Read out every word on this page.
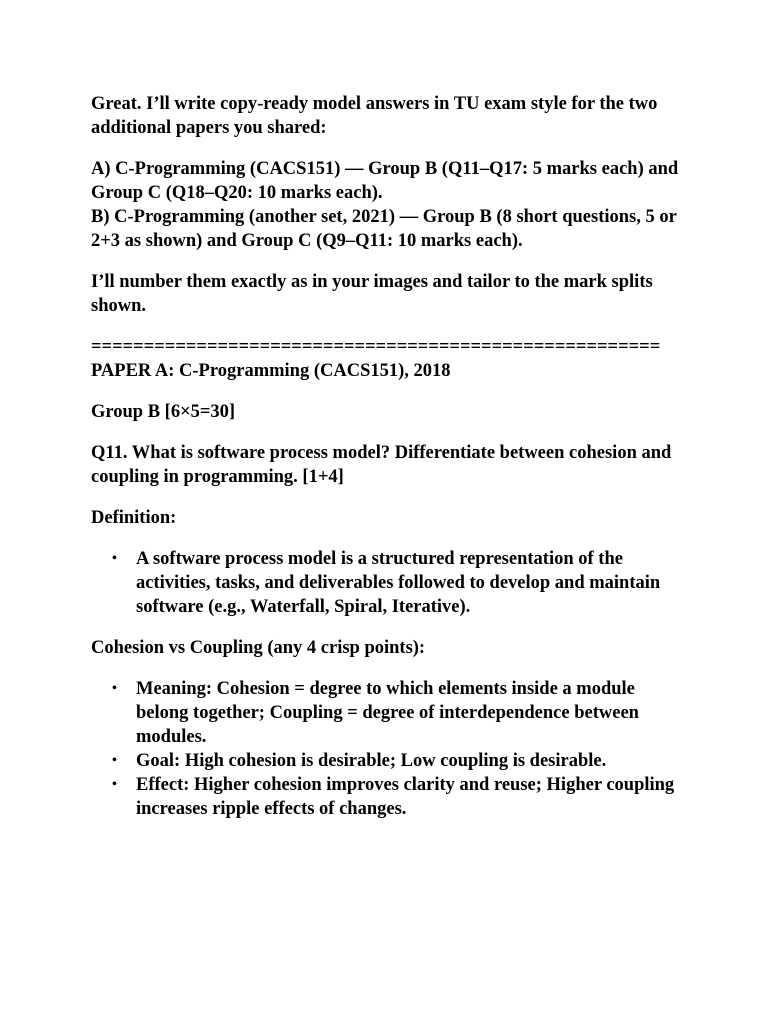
Great. I’ll write copy-ready model answers in TU exam style for the two additional papers you shared:

A) C-Programming (CACS151) — Group B (Q11–Q17: 5 marks each) and Group C (Q18–Q20: 10 marks each).
B) C-Programming (another set, 2021) — Group B (8 short questions, 5 or 2+3 as shown) and Group C (Q9–Q11: 10 marks each).

I’ll number them exactly as in your images and tailor to the mark splits shown.

======================================================

PAPER A: C-Programming (CACS151), 2018

Group B [6×5=30]

Q11. What is software process model? Differentiate between cohesion and coupling in programming. [1+4]

Definition:

• A software process model is a structured representation of the activities, tasks, and deliverables followed to develop and maintain software (e.g., Waterfall, Spiral, Iterative).

Cohesion vs Coupling (any 4 crisp points):

• Meaning: Cohesion = degree to which elements inside a module belong together; Coupling = degree of interdependence between modules.
• Goal: High cohesion is desirable; Low coupling is desirable.
• Effect: Higher cohesion improves clarity and reuse; Higher coupling increases ripple effects of changes.
